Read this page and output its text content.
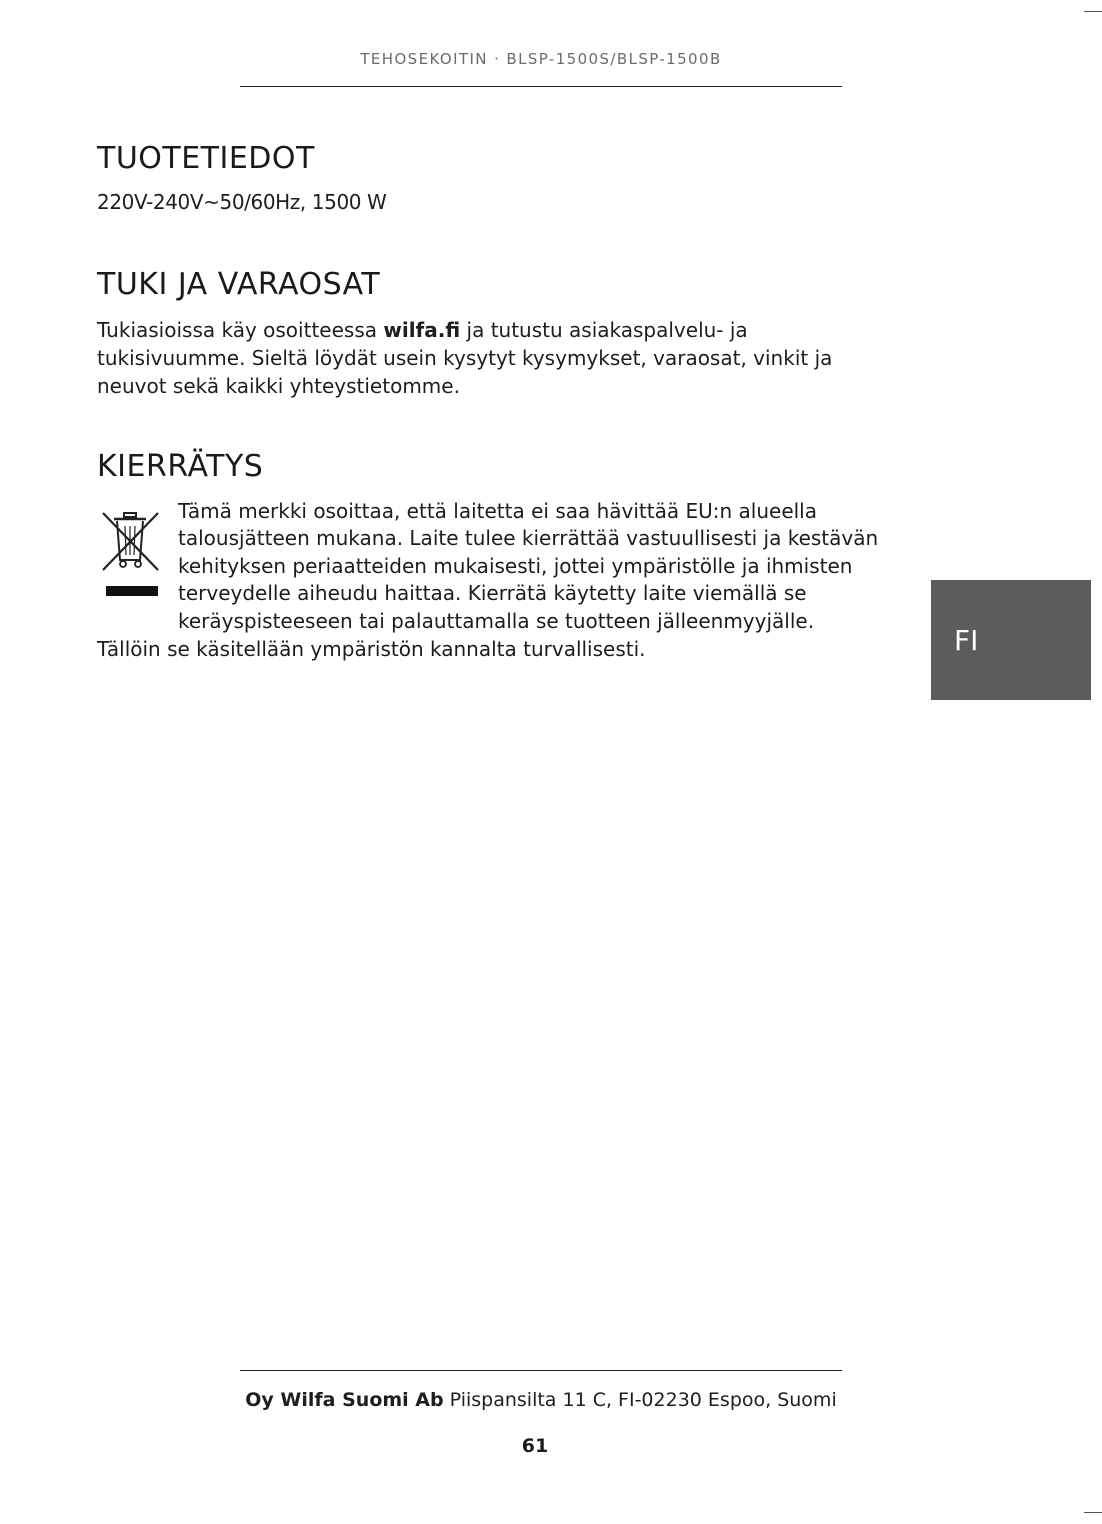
TEHOSEKOITIN · BLSP-1500S/BLSP-1500B
TUOTETIEDOT

220V-240V~50/60Hz, 1500 W

TUKI JA VARAOSAT

Tukiasioissa käy osoitteessa wilfa.fi ja tutustu asiakaspalvelu- ja tukisivuumme. Sieltä löydät usein kysytyt kysymykset, varaosat, vinkit ja neuvot sekä kaikki yhteystietomme.

KIERRÄTYS
Tämä merkki osoittaa, että laitetta ei saa hävittää EU:n alueella
talousjätteen mukana. Laite tulee kierrättää vastuullisesti ja kestävän
kehityksen periaatteiden mukaisesti, jottei ympäristölle ja ihmisten
terveydelle aiheudu haittaa. Kierrätä käytetty laite viemällä se
keräyspisteeseen tai palauttamalla se tuotteen jälleenmyyjälle.

Tällöin se käsitellään ympäristön kannalta turvallisesti.	FI
Oy Wilfa Suomi Ab Piispansilta 11 C, FI-02230 Espoo, Suomi
61
